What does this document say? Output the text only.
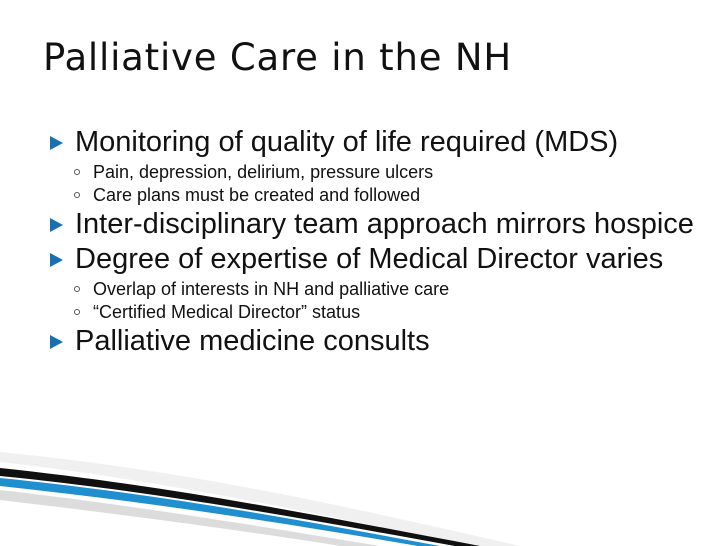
Palliative Care in the NH
Monitoring of quality of life required (MDS)
Pain, depression, delirium, pressure ulcers
Care plans must be created and followed
Inter-disciplinary team approach mirrors hospice
Degree of expertise of Medical Director varies
Overlap of interests in NH and palliative care
“Certified Medical Director” status
Palliative medicine consults
